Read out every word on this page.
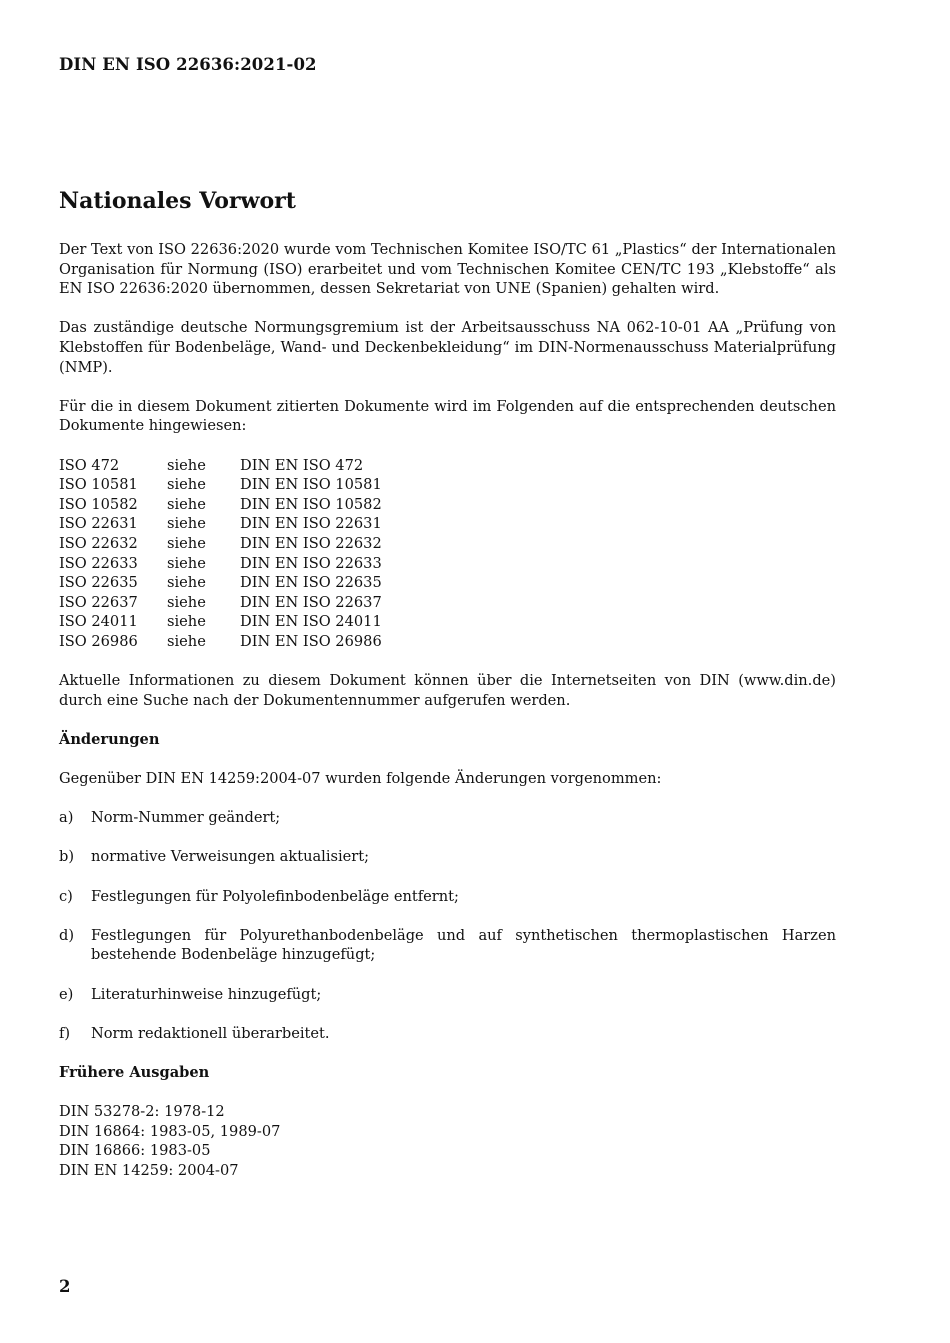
DIN EN ISO 22636:2021-02
Nationales Vorwort

Der Text von ISO 22636:2020 wurde vom Technischen Komitee ISO/TC 61 „Plastics“ der Internationalen Organisation für Normung (ISO) erarbeitet und vom Technischen Komitee CEN/TC 193 „Klebstoffe“ als EN ISO 22636:2020 übernommen, dessen Sekretariat von UNE (Spanien) gehalten wird.

Das zuständige deutsche Normungsgremium ist der Arbeitsausschuss NA 062-10-01 AA „Prüfung von Klebstoffen für Bodenbeläge, Wand- und Deckenbekleidung“ im DIN-Normenausschuss Materialprüfung (NMP).

Für die in diesem Dokument zitierten Dokumente wird im Folgenden auf die entsprechenden deutschen Dokumente hingewiesen:

ISO 472	siehe	DIN EN ISO 472
ISO 10581	siehe	DIN EN ISO 10581
ISO 10582	siehe	DIN EN ISO 10582
ISO 22631	siehe	DIN EN ISO 22631
ISO 22632	siehe	DIN EN ISO 22632
ISO 22633	siehe	DIN EN ISO 22633
ISO 22635	siehe	DIN EN ISO 22635
ISO 22637	siehe	DIN EN ISO 22637
ISO 24011	siehe	DIN EN ISO 24011
ISO 26986	siehe	DIN EN ISO 26986

Aktuelle Informationen zu diesem Dokument können über die Internetseiten von DIN (www.din.de) durch eine Suche nach der Dokumentennummer aufgerufen werden.

Änderungen

Gegenüber DIN EN 14259:2004-07 wurden folgende Änderungen vorgenommen:

a)	Norm-Nummer geändert;
b)	normative Verweisungen aktualisiert;
c)	Festlegungen für Polyolefinbodenbeläge entfernt;
d)	Festlegungen für Polyurethanbodenbeläge und auf synthetischen thermoplastischen Harzen bestehende Bodenbeläge hinzugefügt;
e)	Literaturhinweise hinzugefügt;
f)	Norm redaktionell überarbeitet.
Frühere Ausgaben
DIN 53278-2: 1978-12
DIN 16864: 1983-05, 1989-07
DIN 16866: 1983-05
DIN EN 14259: 2004-07
2
